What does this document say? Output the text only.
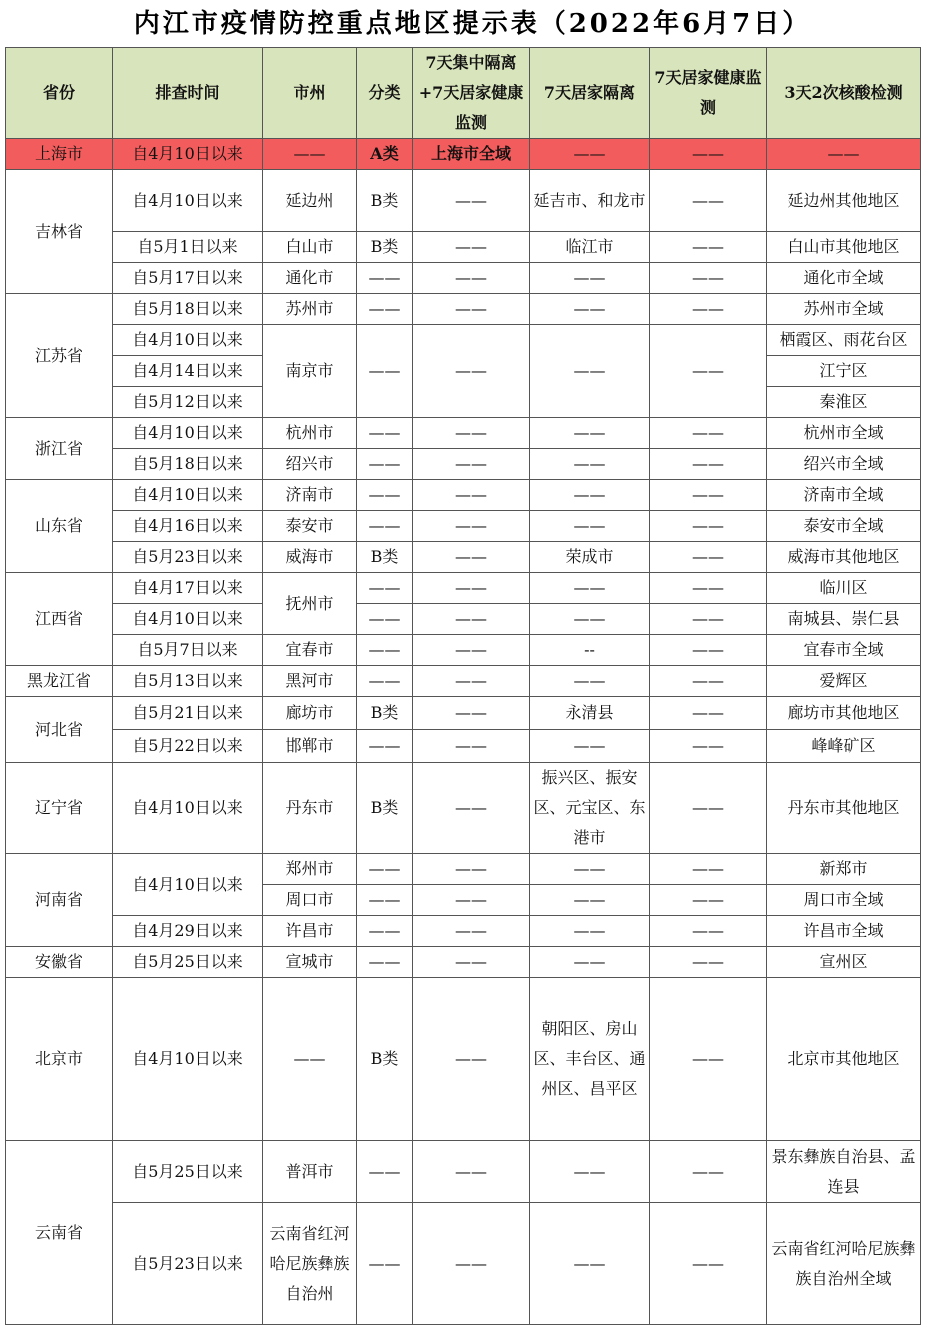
内江市疫情防控重点地区提示表（2022年6月7日）
省份	排查时间	市州	分类	7天集中隔离+7天居家健康监测	7天居家隔离	7天居家健康监测	3天2次核酸检测
上海市	自4月10日以来	——	A类	上海市全域	——	——	——
吉林省	自4月10日以来	延边州	B类	——	延吉市、和龙市	——	延边州其他地区
	自5月1日以来	白山市	B类	——	临江市	——	白山市其他地区
	自5月17日以来	通化市	——	——	——	——	通化市全域
江苏省	自5月18日以来	苏州市	——	——	——	——	苏州市全域
	自4月10日以来	南京市	——	——	——	——	栖霞区、雨花台区
	自4月14日以来						江宁区
	自5月12日以来						秦淮区
浙江省	自4月10日以来	杭州市	——	——	——	——	杭州市全域
	自5月18日以来	绍兴市	——	——	——	——	绍兴市全域
山东省	自4月10日以来	济南市	——	——	——	——	济南市全域
	自4月16日以来	泰安市	——	——	——	——	泰安市全域
	自5月23日以来	威海市	B类	——	荣成市	——	威海市其他地区
江西省	自4月17日以来	抚州市	——	——	——	——	临川区
	自4月10日以来		——	——	——	——	南城县、崇仁县
	自5月7日以来	宜春市	——	——	--	——	宜春市全域
黑龙江省	自5月13日以来	黑河市	——	——	——	——	爱辉区
河北省	自5月21日以来	廊坊市	B类	——	永清县	——	廊坊市其他地区
	自5月22日以来	邯郸市	——	——	——	——	峰峰矿区
辽宁省	自4月10日以来	丹东市	B类	——	振兴区、振安区、元宝区、东港市	——	丹东市其他地区
河南省	自4月10日以来	郑州市	——	——	——	——	新郑市
		周口市	——	——	——	——	周口市全域
	自4月29日以来	许昌市	——	——	——	——	许昌市全域
安徽省	自5月25日以来	宣城市	——	——	——	——	宣州区
北京市	自4月10日以来	——	B类	——	朝阳区、房山区、丰台区、通州区、昌平区	——	北京市其他地区
云南省	自5月25日以来	普洱市	——	——	——	——	景东彝族自治县、孟连县
	自5月23日以来	云南省红河哈尼族彝族自治州	——	——	——	——	云南省红河哈尼族彝族自治州全域
